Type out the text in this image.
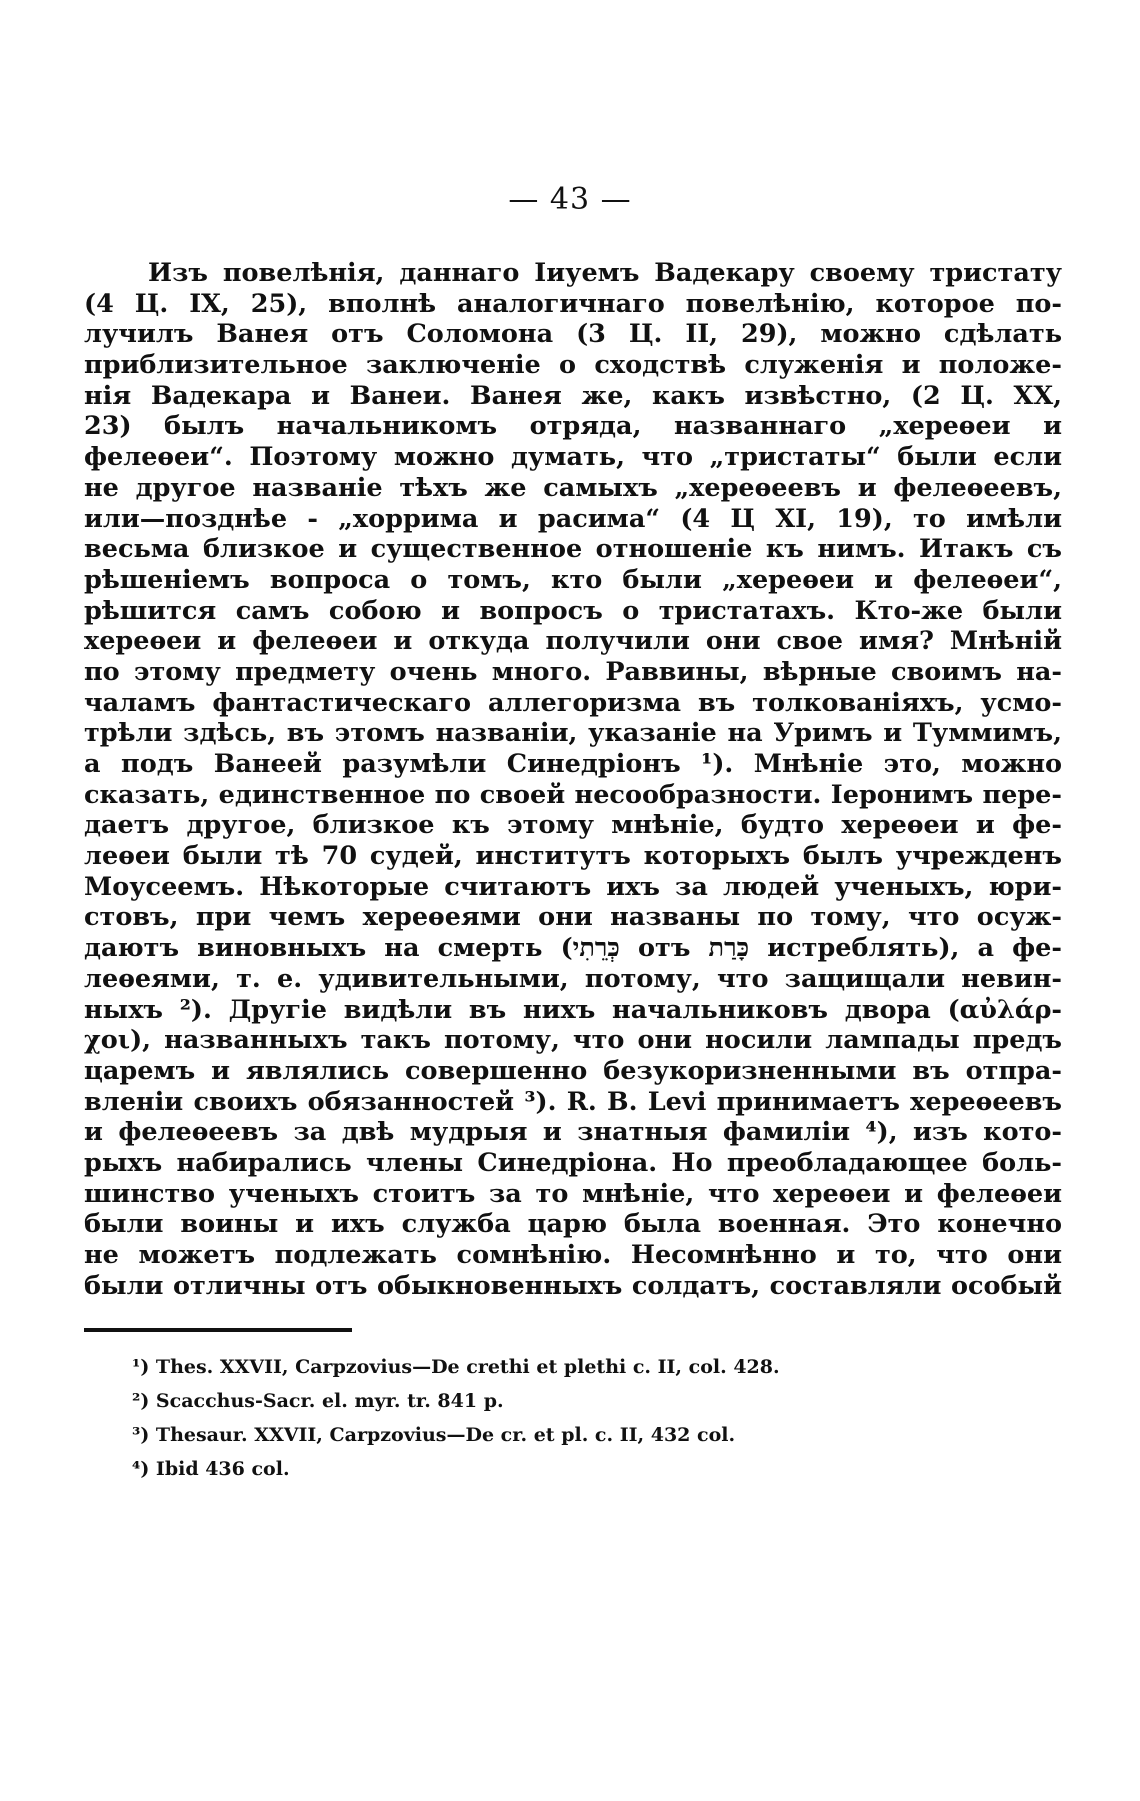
— 43 —
Изъ повелѣнія, даннаго Іиуемъ Вадекару своему тристату
(4 Ц. IX, 25), вполнѣ аналогичнаго повелѣнію, которое по-
лучилъ Ванея отъ Соломона (3 Ц. II, 29), можно сдѣлать
приблизительное заключеніе о сходствѣ служенія и положе-
нія Вадекара и Ванеи. Ванея же, какъ извѣстно, (2 Ц. XX,
23) былъ начальникомъ отряда, названнаго „хереѳеи и
фелеѳеи“. Поэтому можно думать, что „тристаты“ были если
не другое названіе тѣхъ же самыхъ „хереѳеевъ и фелеѳеевъ,
или—позднѣе - „хоррима и расима“ (4 Ц XI, 19), то имѣли
весьма близкое и существенное отношеніе къ нимъ. Итакъ съ
рѣшеніемъ вопроса о томъ, кто были „хереѳеи и фелеѳеи“,
рѣшится самъ собою и вопросъ о тристатахъ. Кто-же были
хереѳеи и фелеѳеи и откуда получили они свое имя? Мнѣній
по этому предмету очень много. Раввины, вѣрные своимъ на-
чаламъ фантастическаго аллегоризма въ толкованіяхъ, усмо-
трѣли здѣсь, въ этомъ названіи, указаніе на Уримъ и Туммимъ,
а подъ Ванеей разумѣли Синедріонъ ¹). Мнѣніе это, можно
сказать, единственное по своей несообразности. Іеронимъ пере-
даетъ другое, близкое къ этому мнѣніе, будто хереѳеи и фе-
леѳеи были тѣ 70 судей, институтъ которыхъ былъ учрежденъ
Моусеемъ. Нѣкоторые считаютъ ихъ за людей ученыхъ, юри-
стовъ, при чемъ хереѳеями они названы по тому, что осуж-
даютъ виновныхъ на смерть (כְּרֵתִי отъ כָּרַת истреблять), а фе-
леѳеями, т. е. удивительными, потому, что защищали невин-
ныхъ ²). Другіе видѣли въ нихъ начальниковъ двора (αὐλάρ-
χοι), названныхъ такъ потому, что они носили лампады предъ
царемъ и являлись совершенно безукоризненными въ отпра-
вленіи своихъ обязанностей ³). R. B. Levi принимаетъ хереѳеевъ
и фелеѳеевъ за двѣ мудрыя и знатныя фамиліи ⁴), изъ кото-
рыхъ набирались члены Синедріона. Но преобладающее боль-
шинство ученыхъ стоитъ за то мнѣніе, что хереѳеи и фелеѳеи
были воины и ихъ служба царю была военная. Это конечно
не можетъ подлежать сомнѣнію. Несомнѣнно и то, что они
были отличны отъ обыкновенныхъ солдатъ, составляли особый
¹) Thes. XXVII, Carpzovius—De crethi et plethi c. II, col. 428.
²) Scacchus-Sacr. el. myr. tr. 841 p.
³) Thesaur. XXVII, Carpzovius—De cr. et pl. c. II, 432 col.
⁴) Ibid 436 col.
